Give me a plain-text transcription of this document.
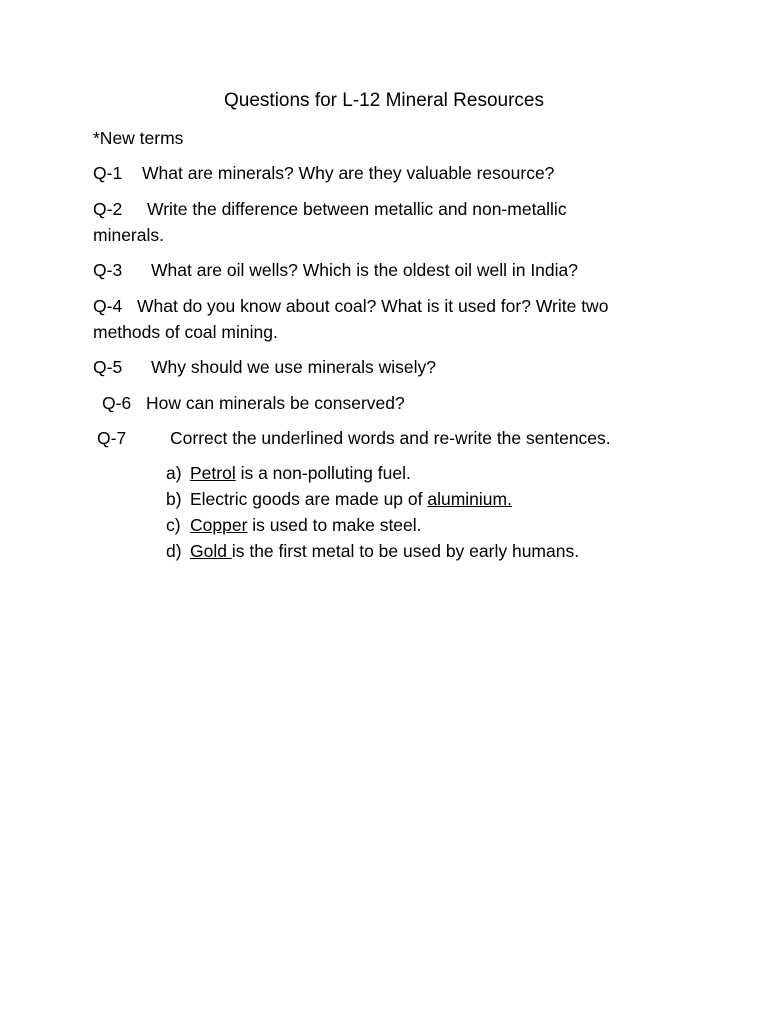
Questions for L-12 Mineral Resources
*New terms
Q-1 What are minerals? Why are they valuable resource?
Q-2 Write the difference between metallic and non-metallic
minerals.
Q-3 What are oil wells? Which is the oldest oil well in India?
Q-4 What do you know about coal? What is it used for? Write two
methods of coal mining.
Q-5 Why should we use minerals wisely?
Q-6 How can minerals be conserved?
Q-7	Correct the underlined words and re-write the sentences.
a) Petrol is a non-polluting fuel.
b) Electric goods are made up of aluminium.
c) Copper is used to make steel.
d) Gold is the first metal to be used by early humans.
